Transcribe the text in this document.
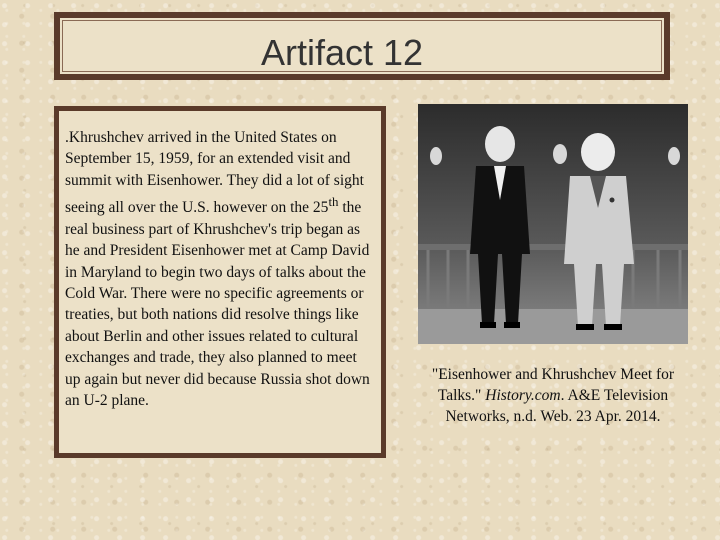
Artifact 12

.Khrushchev arrived in the United States on September 15, 1959, for an extended visit and summit with Eisenhower. They did a lot of sight seeing all over the U.S. however on the 25th the real business part of Khrushchev's trip began as he and President Eisenhower met at Camp David in Maryland to begin two days of talks about the Cold War. There were no specific agreements or treaties, but both nations did resolve things like about Berlin and other issues related to cultural exchanges and trade, they also planned to meet up again but never did because Russia shot down an U-2 plane.

"Eisenhower and Khrushchev Meet for Talks." History.com. A&E Television Networks, n.d. Web. 23 Apr. 2014.
